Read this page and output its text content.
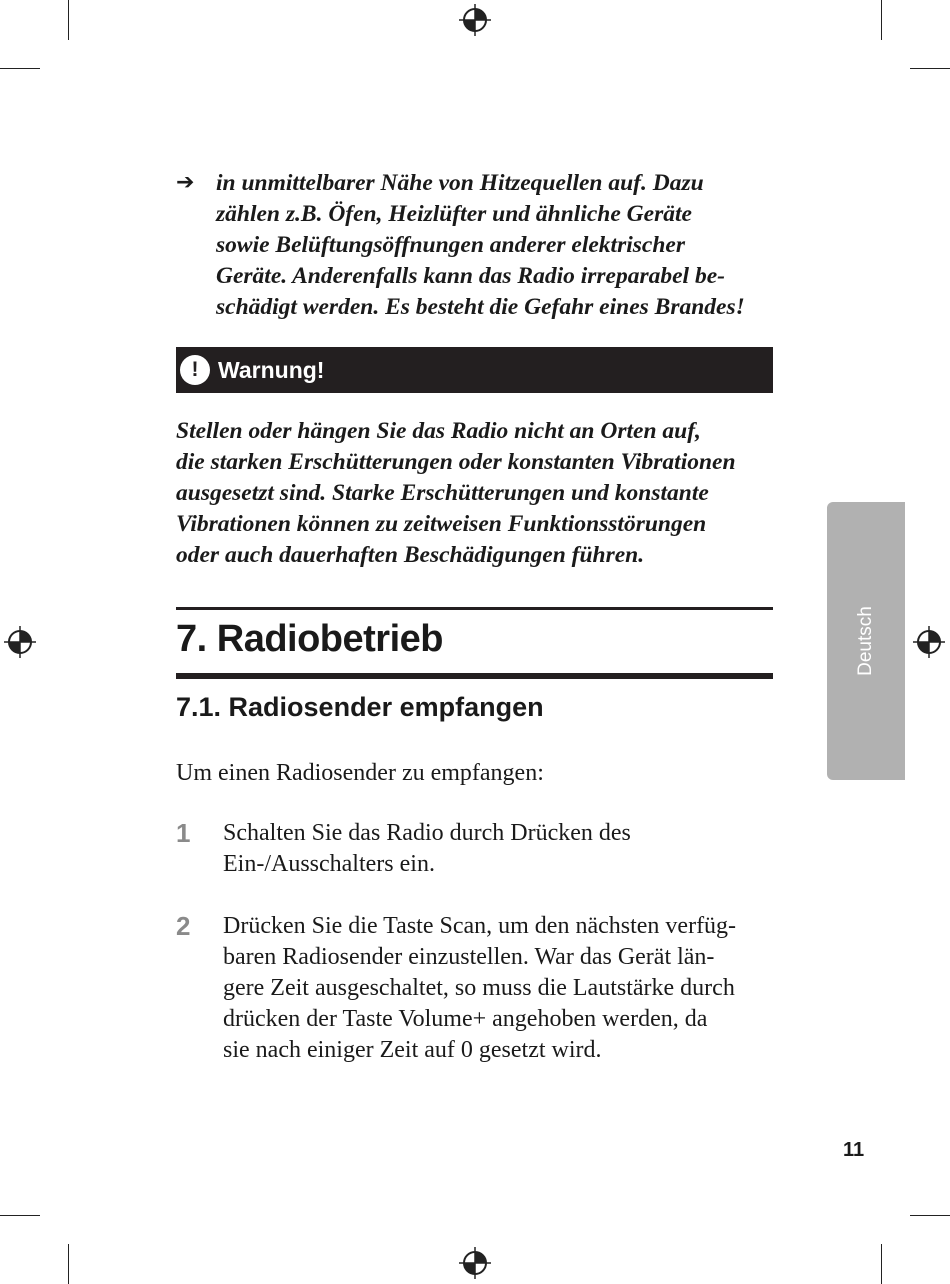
➔ in unmittelbarer Nähe von Hitzequellen auf. Dazu
zählen z.B. Öfen, Heizlüfter und ähnliche Geräte
sowie Belüftungsöffnungen anderer elektrischer
Geräte. Anderenfalls kann das Radio irreparabel be-
schädigt werden. Es besteht die Gefahr eines Brandes!
! Warnung!
Stellen oder hängen Sie das Radio nicht an Orten auf,
die starken Erschütterungen oder konstanten Vibrationen
ausgesetzt sind. Starke Erschütterungen und konstante
Vibrationen können zu zeitweisen Funktionsstörungen
oder auch dauerhaften Beschädigungen führen.
7. Radiobetrieb
7.1. Radiosender empfangen
Um einen Radiosender zu empfangen:
1 Schalten Sie das Radio durch Drücken des
Ein-/Ausschalters ein.
2 Drücken Sie die Taste Scan, um den nächsten verfüg-
baren Radiosender einzustellen. War das Gerät län-
gere Zeit ausgeschaltet, so muss die Lautstärke durch
drücken der Taste Volume+ angehoben werden, da
sie nach einiger Zeit auf 0 gesetzt wird.
Deutsch
11
